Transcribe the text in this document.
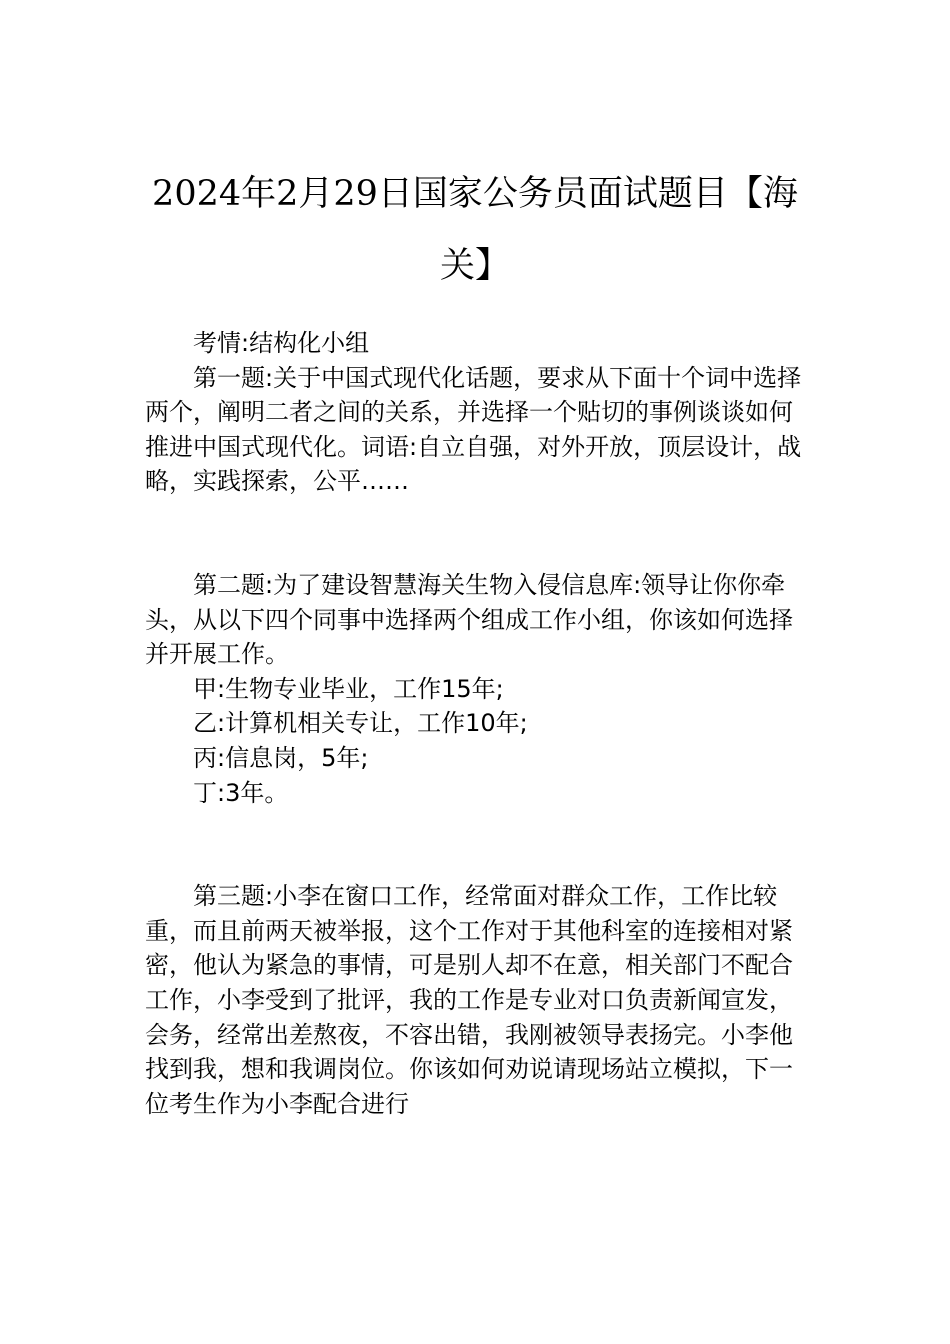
2024年2月29日国家公务员面试题目【海关】

考情:结构化小组

第一题:关于中国式现代化话题，要求从下面十个词中选择两个，阐明二者之间的关系，并选择一个贴切的事例谈谈如何推进中国式现代化。词语:自立自强，对外开放，顶层设计，战略，实践探索，公平……

第二题:为了建设智慧海关生物入侵信息库:领导让你你牵头，从以下四个同事中选择两个组成工作小组，你该如何选择并开展工作。

甲:生物专业毕业，工作15年;

乙:计算机相关专让，工作10年;

丙:信息岗，5年;

丁:3年。

第三题:小李在窗口工作，经常面对群众工作，工作比较重，而且前两天被举报，这个工作对于其他科室的连接相对紧密，他认为紧急的事情，可是别人却不在意，相关部门不配合工作，小李受到了批评，我的工作是专业对口负责新闻宣发，会务，经常出差熬夜，不容出错，我刚被领导表扬完。小李他找到我，想和我调岗位。你该如何劝说请现场站立模拟，下一位考生作为小李配合进行
